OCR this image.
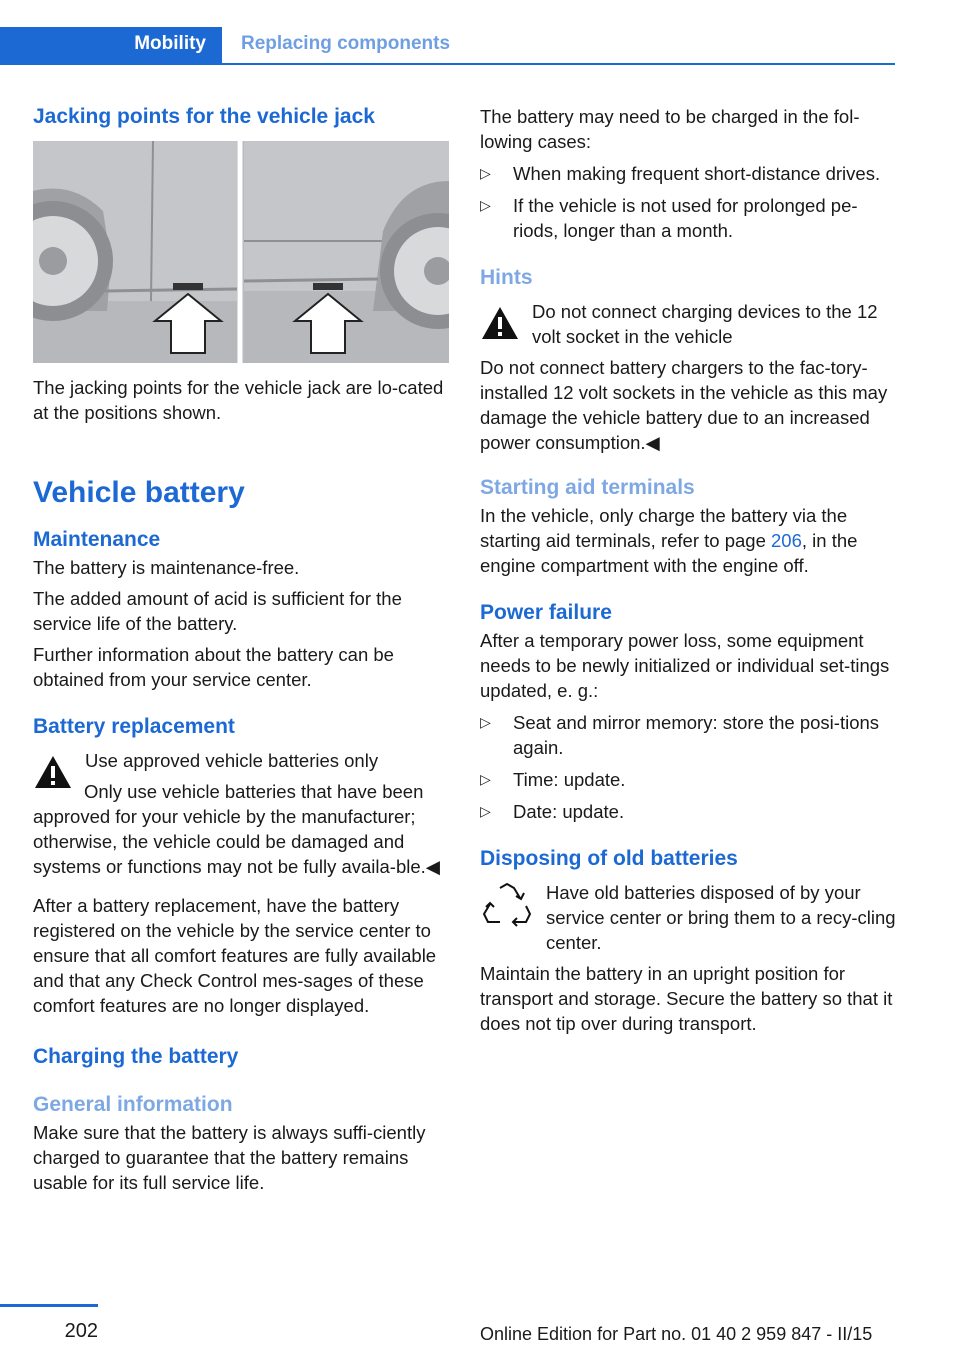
Mobility	Replacing components
Jacking points for the vehicle jack

The jacking points for the vehicle jack are lo‐cated at the positions shown.

Vehicle battery
Maintenance

The battery is maintenance-free.

The added amount of acid is sufficient for the service life of the battery.

Further information about the battery can be obtained from your service center.

Battery replacement

Use approved vehicle batteries only

Only use vehicle batteries that have been approved for your vehicle by the manufacturer; otherwise, the vehicle could be damaged and systems or functions may not be fully availa‐ble.◀

After a battery replacement, have the battery registered on the vehicle by the service center to ensure that all comfort features are fully available and that any Check Control mes‐sages of these comfort features are no longer displayed.

Charging the battery
General information

Make sure that the battery is always suffi‐ciently charged to guarantee that the battery remains usable for its full service life.

The battery may need to be charged in the fol‐lowing cases:

▷ When making frequent short-distance drives.
▷ If the vehicle is not used for prolonged pe‐riods, longer than a month.
Hints

Do not connect charging devices to the 12 volt socket in the vehicle

Do not connect battery chargers to the fac‐tory-installed 12 volt sockets in the vehicle as this may damage the vehicle battery due to an increased power consumption.◀

Starting aid terminals

In the vehicle, only charge the battery via the starting aid terminals, refer to page 206, in the engine compartment with the engine off.

Power failure

After a temporary power loss, some equipment needs to be newly initialized or individual set‐tings updated, e. g.:

▷ Seat and mirror memory: store the posi‐tions again.
▷ Time: update.
▷ Date: update.
Disposing of old batteries

Have old batteries disposed of by your service center or bring them to a recy‐cling center.

Maintain the battery in an upright position for transport and storage. Secure the battery so that it does not tip over during transport.

202	Online Edition for Part no. 01 40 2 959 847 - II/15
